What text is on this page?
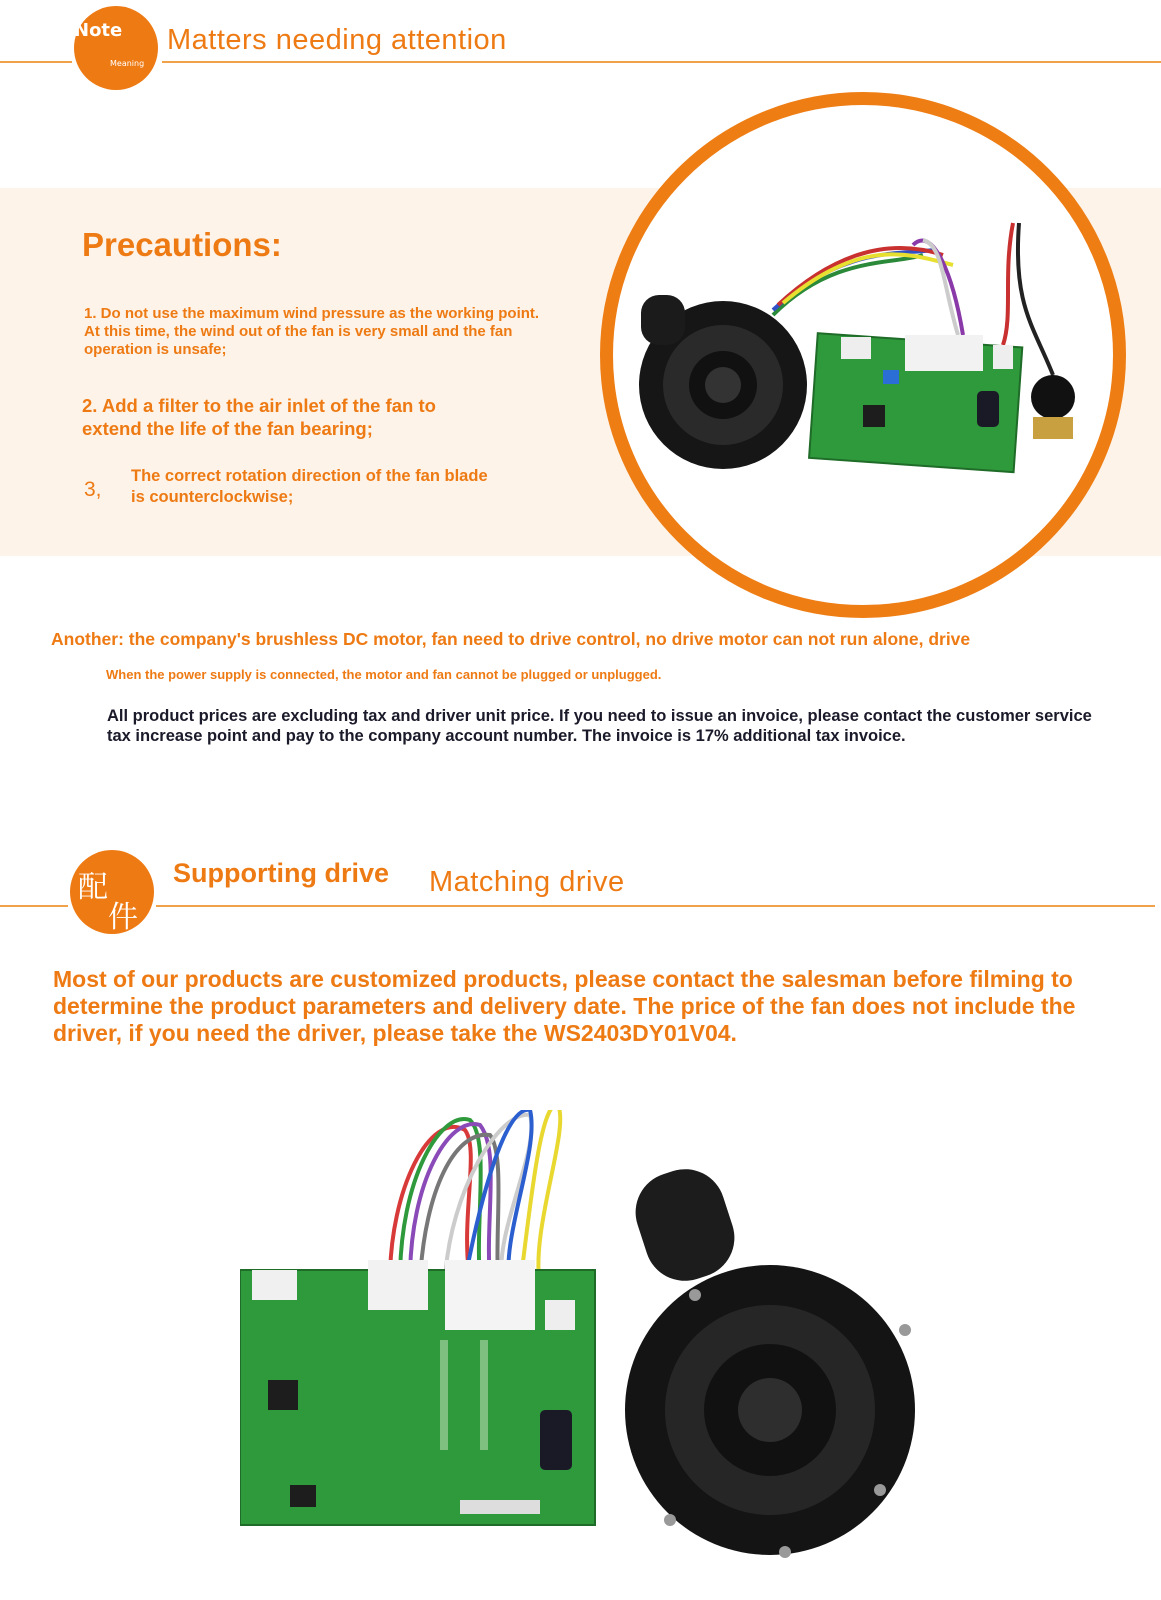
Note
Meaning
Matters needing attention
Precautions:
1. Do not use the maximum wind pressure as the working point. At this time, the wind out of the fan is very small and the fan operation is unsafe;
2. Add a filter to the air inlet of the fan to extend the life of the fan bearing;
3,
The correct rotation direction of the fan blade is counterclockwise;
Another: the company's brushless DC motor, fan need to drive control, no drive motor can not run alone, drive
When the power supply is connected, the motor and fan cannot be plugged or unplugged.
All product prices are excluding tax and driver unit price. If you need to issue an invoice, please contact the customer service tax increase point and pay to the company account number. The invoice is 17% additional tax invoice.
配
件
Supporting drive Matching drive
Most of our products are customized products, please contact the salesman before filming to determine the product parameters and delivery date. The price of the fan does not include the driver, if you need the driver, please take the WS2403DY01V04.
